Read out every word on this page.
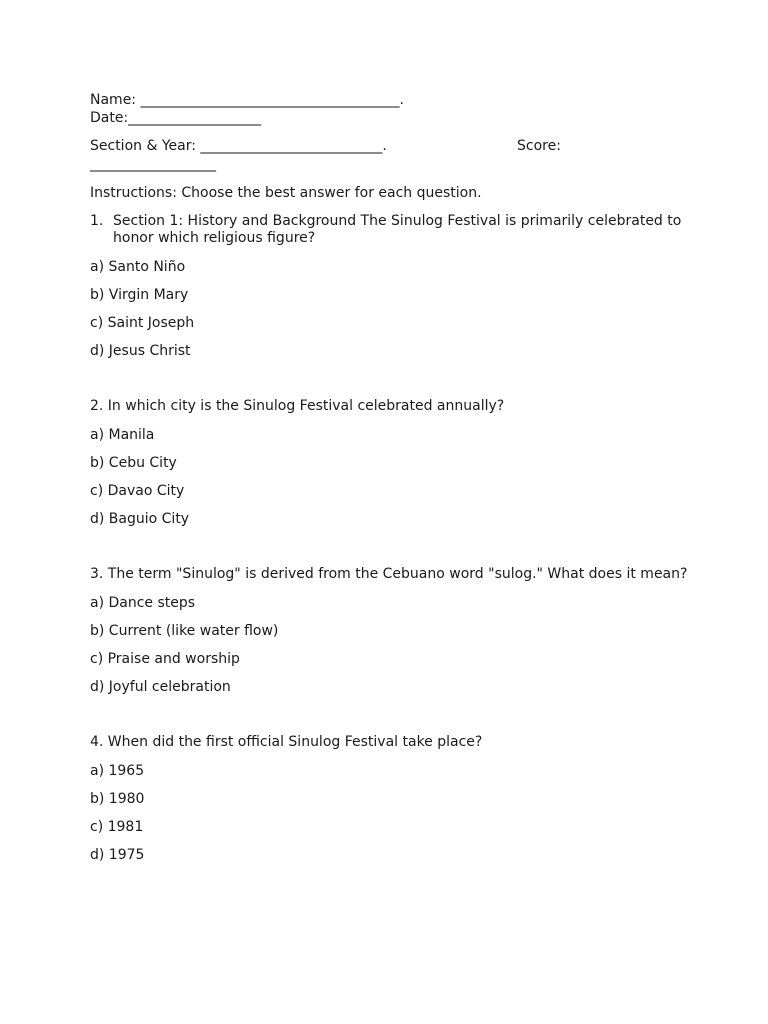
Name: _____________________________________.
Date:___________________
Section & Year: __________________________.	Score:
__________________
Instructions: Choose the best answer for each question.
1. Section 1: History and Background The Sinulog Festival is primarily celebrated to honor which religious figure?
a) Santo Niño
b) Virgin Mary
c) Saint Joseph
d) Jesus Christ
2. In which city is the Sinulog Festival celebrated annually?
a) Manila
b) Cebu City
c) Davao City
d) Baguio City
3. The term "Sinulog" is derived from the Cebuano word "sulog." What does it mean?
a) Dance steps
b) Current (like water flow)
c) Praise and worship
d) Joyful celebration
4. When did the first official Sinulog Festival take place?
a) 1965
b) 1980
c) 1981
d) 1975
